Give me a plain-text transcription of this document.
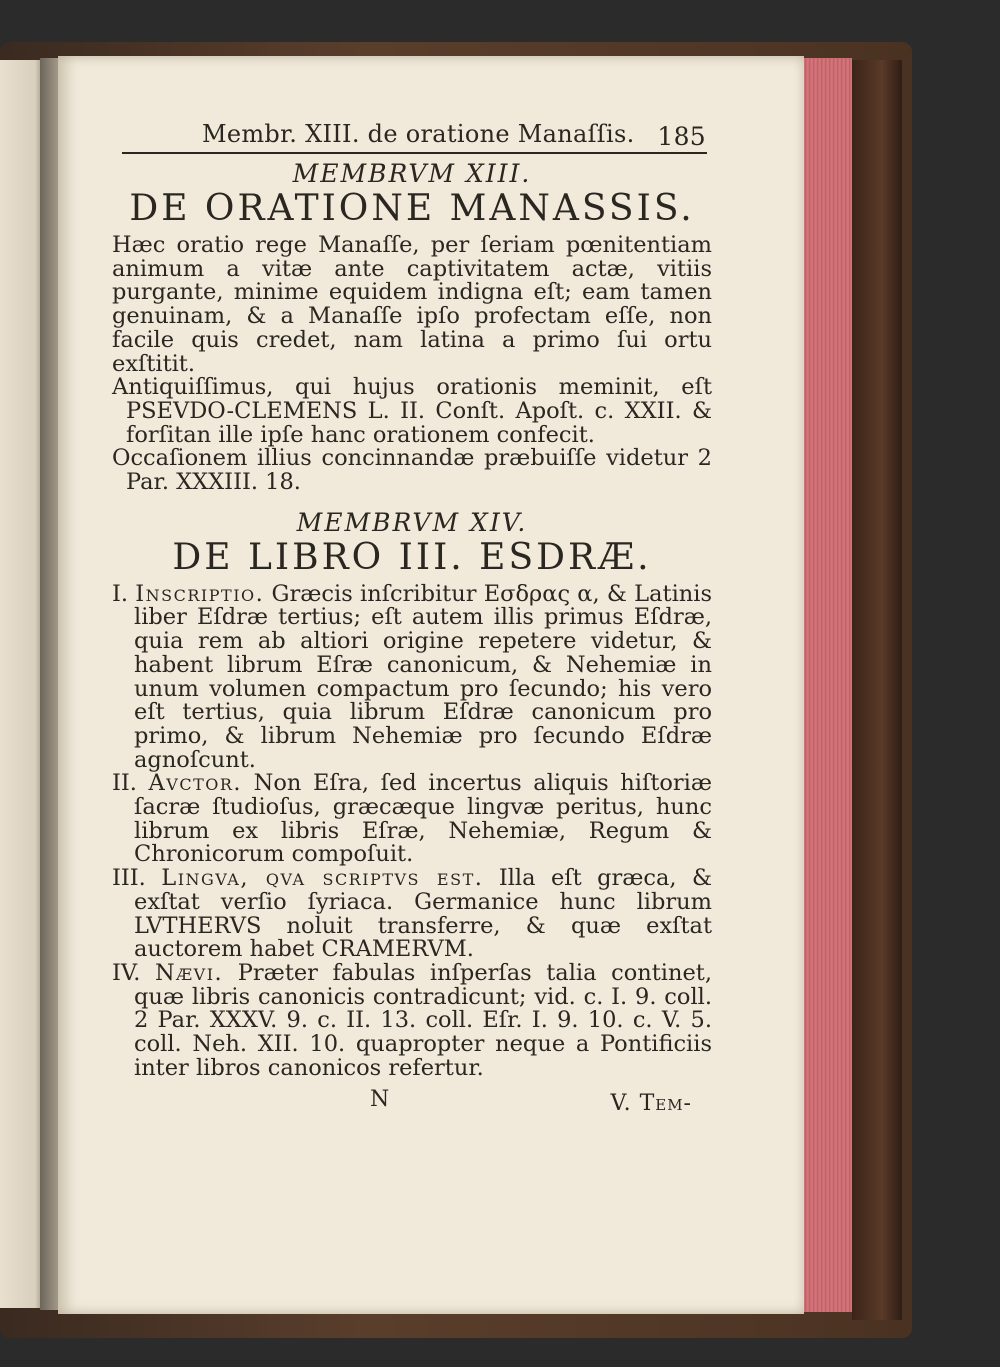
Membr. XIII. de oratione Manaſſis. 185

MEMBRVM XIII.

DE ORATIONE MANASSIS.

Hæc oratio rege Manaſſe, per ſeriam pœnitentiam animum a vitæ ante captivitatem actæ, vitiis purgante, minime equidem indigna eſt; eam tamen genuinam, & a Manaſſe ipſo profectam eſſe, non facile quis credet, nam latina a primo ſui ortu exſtitit.

Antiquiſſimus, qui hujus orationis meminit, eſt PSEVDO-CLEMENS L. II. Conſt. Apoſt. c. XXII. & forſitan ille ipſe hanc orationem confecit.

Occaſionem illius concinnandæ præbuiſſe videtur 2 Par. XXXIII. 18.

MEMBRVM XIV.

DE LIBRO III. ESDRÆ.

I. Inscriptio. Græcis inſcribitur Εσδρας α, & Latinis liber Eſdræ tertius; eſt autem illis primus Eſdræ, quia rem ab altiori origine repetere videtur, & habent librum Eſræ canonicum, & Nehemiæ in unum volumen compactum pro ſecundo; his vero eſt tertius, quia librum Eſdræ canonicum pro primo, & librum Nehemiæ pro ſecundo Eſdræ agnoſcunt.

II. Avctor. Non Eſra, ſed incertus aliquis hiſtoriæ ſacræ ſtudioſus, græcæque lingvæ peritus, hunc librum ex libris Eſræ, Nehemiæ, Regum & Chronicorum compoſuit.

III. Lingva, qva scriptvs est. Illa eſt græca, & exſtat verſio ſyriaca. Germanice hunc librum LVTHERVS noluit transferre, & quæ exſtat auctorem habet CRAMERVM.

IV. Nævi. Præter fabulas inſperſas talia continet, quæ libris canonicis contradicunt; vid. c. I. 9. coll. 2 Par. XXXV. 9. c. II. 13. coll. Eſr. I. 9. 10. c. V. 5. coll. Neh. XII. 10. quapropter neque a Pontificiis inter libros canonicos refertur.

N	V. Tem-
